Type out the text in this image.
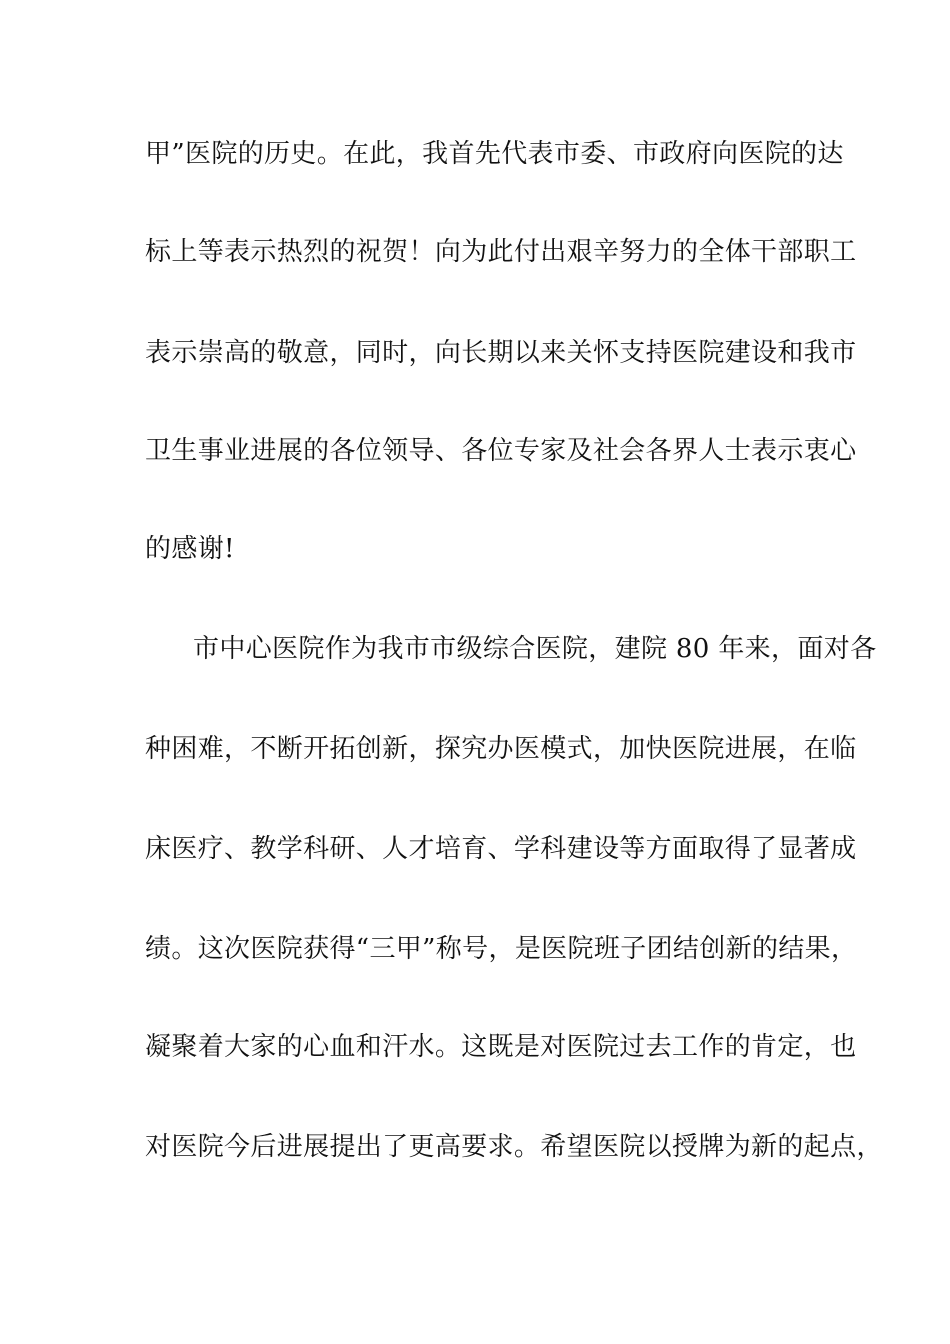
甲”医院的历史。在此，我首先代表市委、市政府向医院的达
标上等表示热烈的祝贺！向为此付出艰辛努力的全体干部职工
表示崇高的敬意，同时，向长期以来关怀支持医院建设和我市
卫生事业进展的各位领导、各位专家及社会各界人士表示衷心
的感谢!
市中心医院作为我市市级综合医院，建院 80 年来，面对各
种困难，不断开拓创新，探究办医模式，加快医院进展，在临
床医疗、教学科研、人才培育、学科建设等方面取得了显著成
绩。这次医院获得“三甲”称号，是医院班子团结创新的结果，
凝聚着大家的心血和汗水。这既是对医院过去工作的肯定，也
对医院今后进展提出了更高要求。希望医院以授牌为新的起点，
